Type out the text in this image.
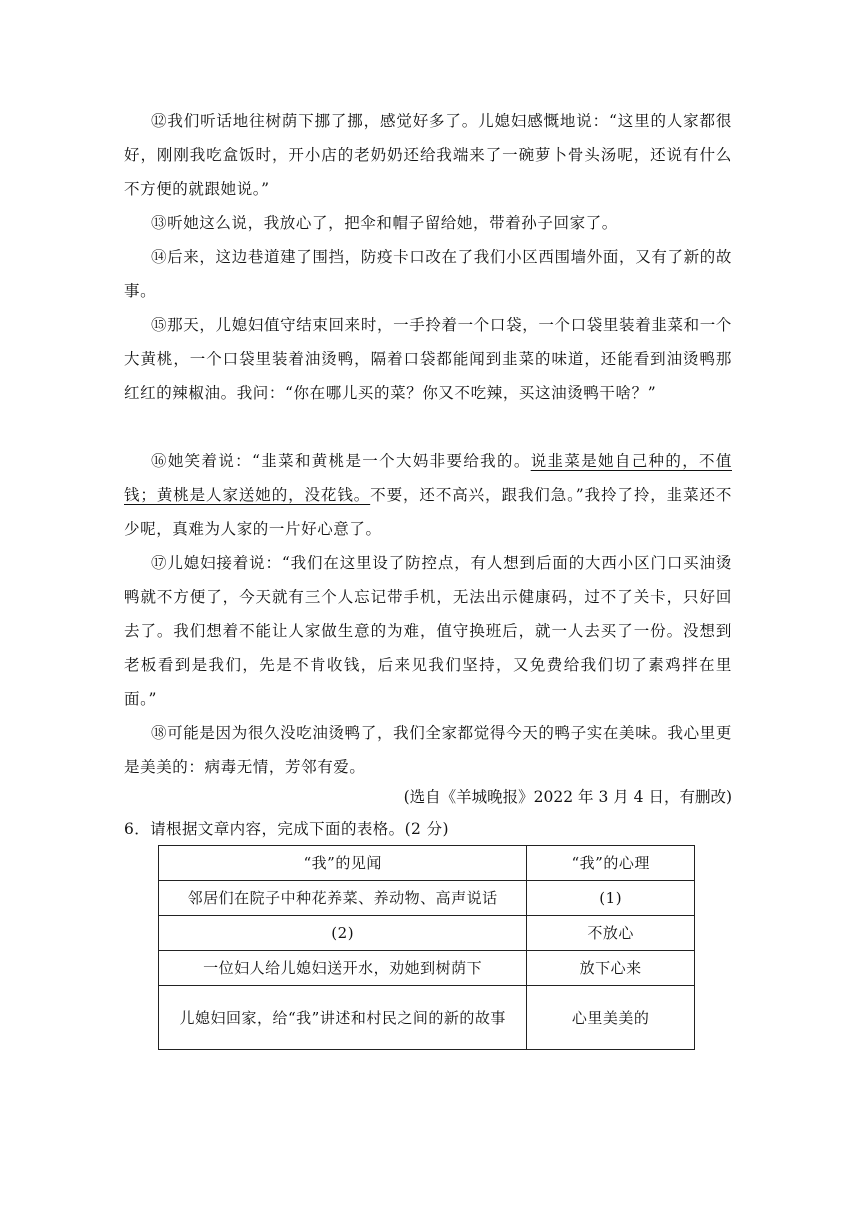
⑫我们听话地往树荫下挪了挪，感觉好多了。儿媳妇感慨地说：“这里的人家都很好，刚刚我吃盒饭时，开小店的老奶奶还给我端来了一碗萝卜骨头汤呢，还说有什么不方便的就跟她说。”

⑬听她这么说，我放心了，把伞和帽子留给她，带着孙子回家了。

⑭后来，这边巷道建了围挡，防疫卡口改在了我们小区西围墙外面，又有了新的故事。

⑮那天，儿媳妇值守结束回来时，一手拎着一个口袋，一个口袋里装着韭菜和一个大黄桃，一个口袋里装着油烫鸭，隔着口袋都能闻到韭菜的味道，还能看到油烫鸭那红红的辣椒油。我问：“你在哪儿买的菜？你又不吃辣，买这油烫鸭干啥？”

⑯她笑着说：“韭菜和黄桃是一个大妈非要给我的。说韭菜是她自己种的，不值钱；黄桃是人家送她的，没花钱。不要，还不高兴，跟我们急。”我拎了拎，韭菜还不少呢，真难为人家的一片好心意了。

⑰儿媳妇接着说：“我们在这里设了防控点，有人想到后面的大西小区门口买油烫鸭就不方便了，今天就有三个人忘记带手机，无法出示健康码，过不了关卡，只好回去了。我们想着不能让人家做生意的为难，值守换班后，就一人去买了一份。没想到老板看到是我们，先是不肯收钱，后来见我们坚持，又免费给我们切了素鸡拌在里面。”

⑱可能是因为很久没吃油烫鸭了，我们全家都觉得今天的鸭子实在美味。我心里更是美美的：病毒无情，芳邻有爱。

(选自《羊城晚报》2022 年 3 月 4 日，有删改)
6．请根据文章内容，完成下面的表格。(2 分)
“我”的见闻	“我”的心理
邻居们在院子中种花养菜、养动物、高声说话	(1)
(2)	不放心
一位妇人给儿媳妇送开水，劝她到树荫下	放下心来
儿媳妇回家，给“我”讲述和村民之间的新的故事	心里美美的
